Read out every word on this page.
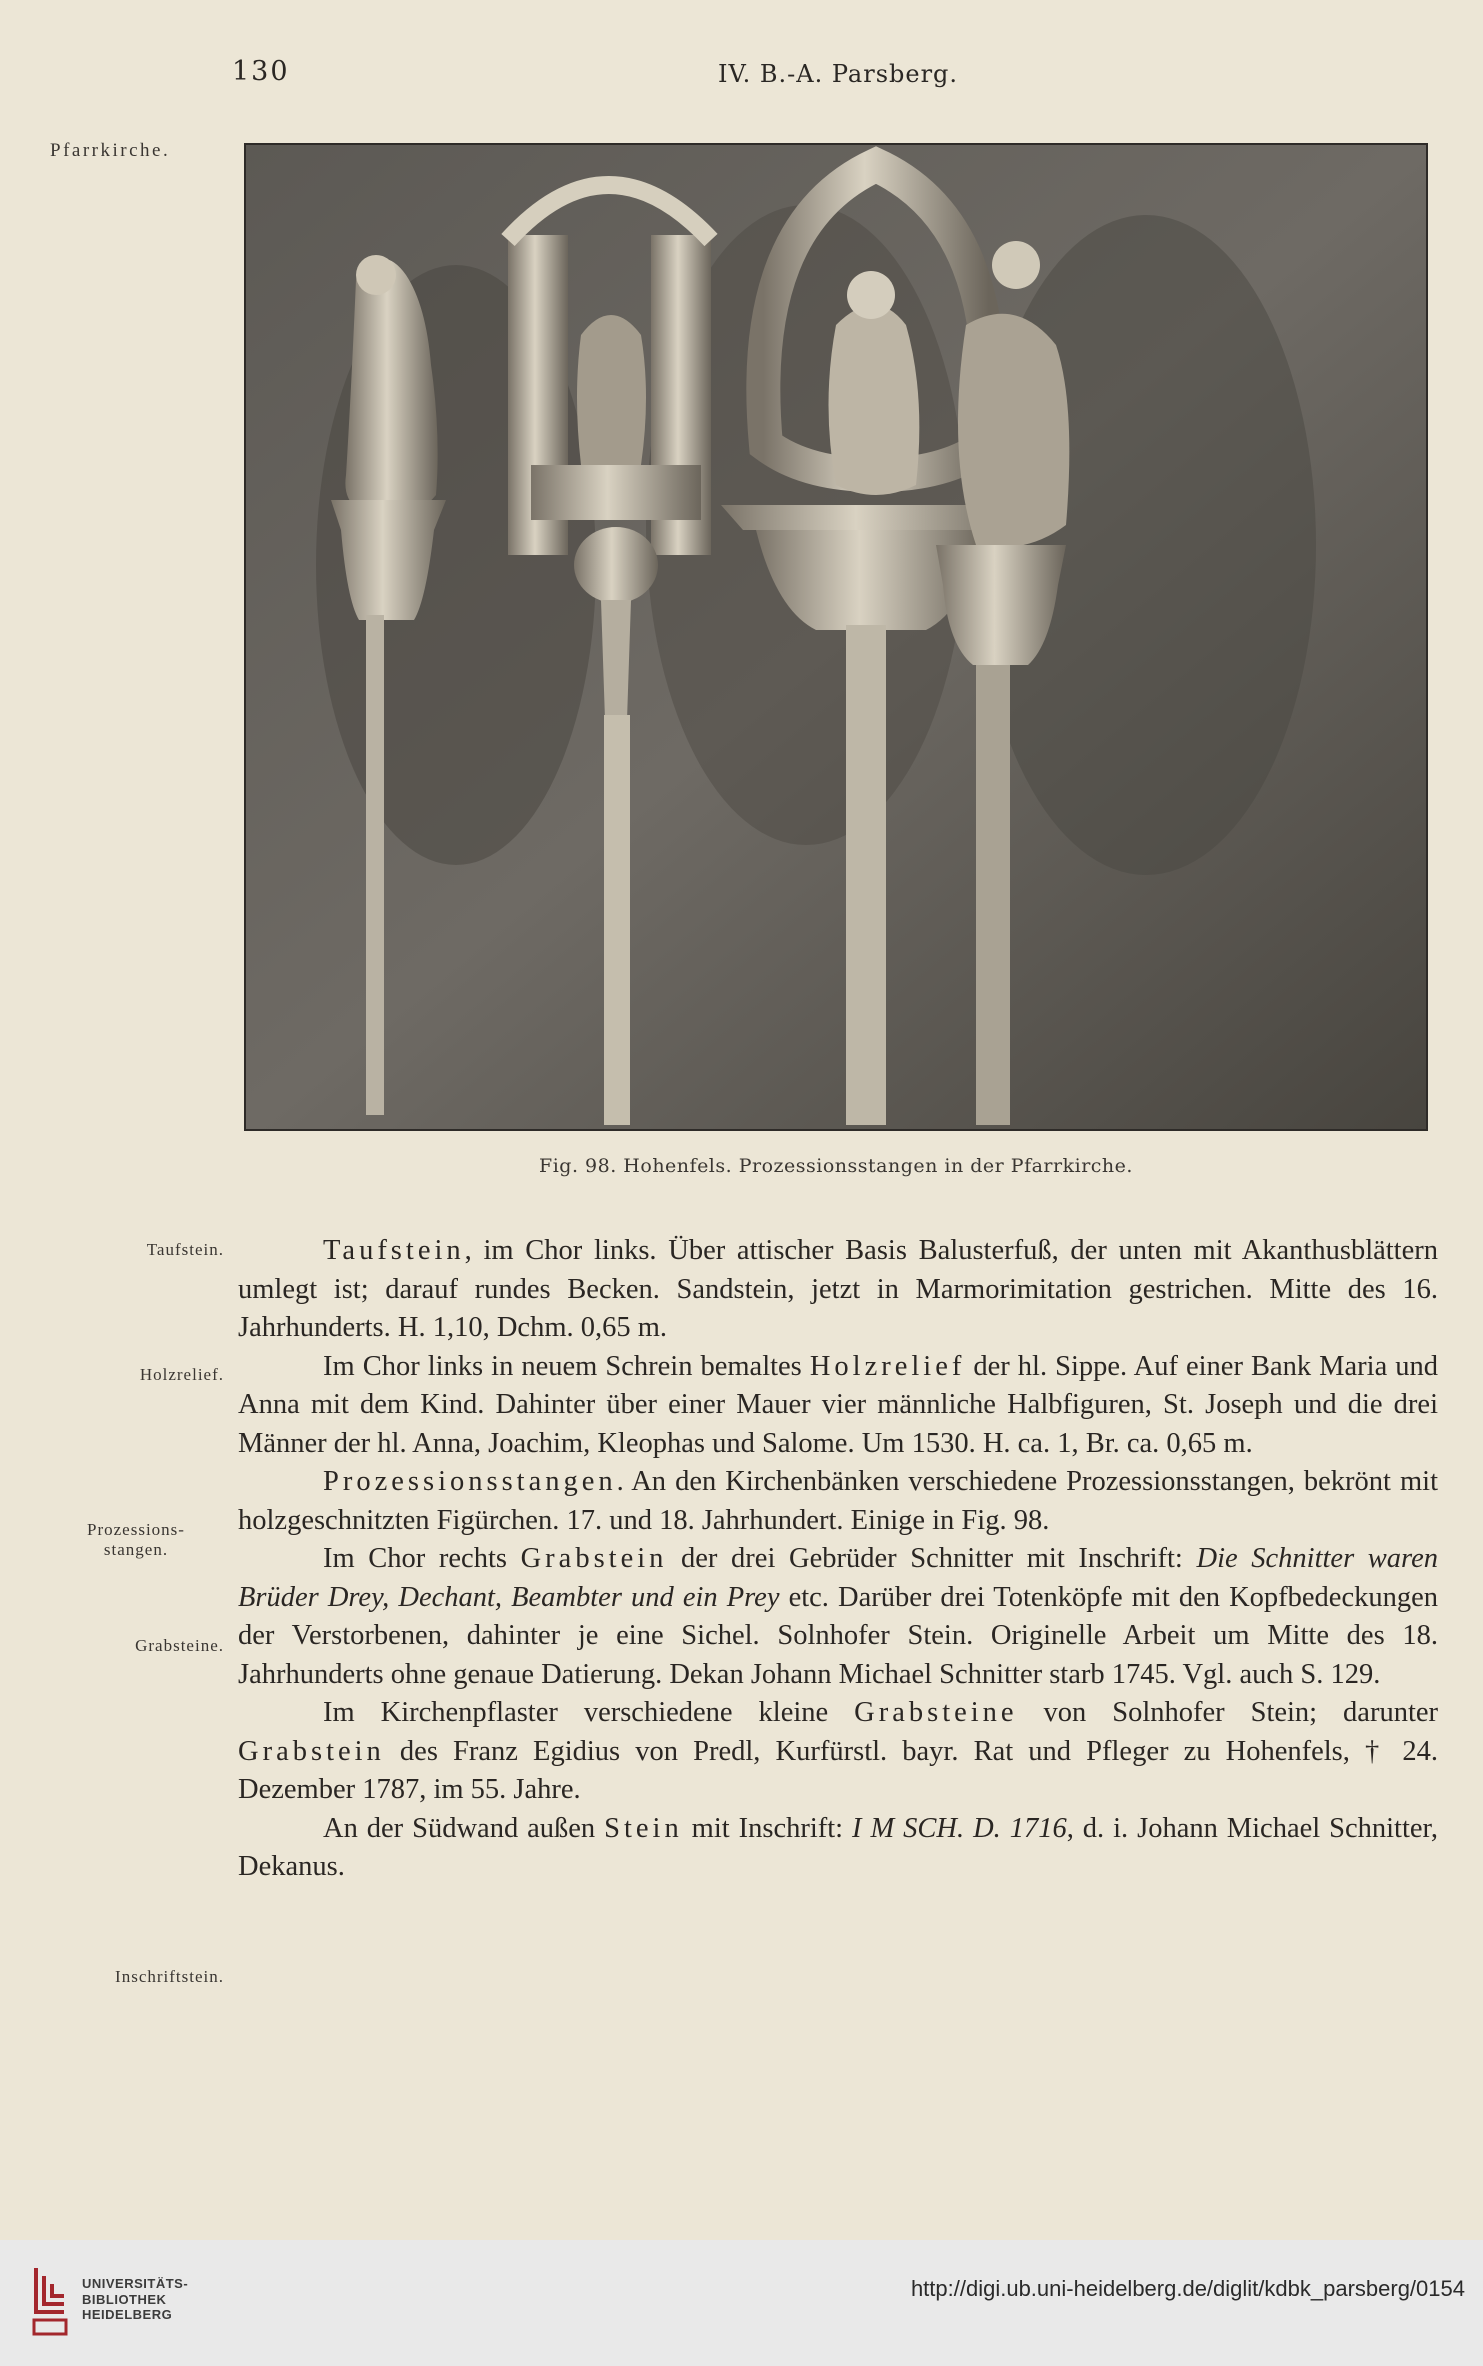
130	IV. B.-A. Parsberg.
Pfarrkirche.
Fig. 98. Hohenfels. Prozessionsstangen in der Pfarrkirche.
Taufstein.
Holzrelief.
Prozessions-
stangen.
Grabsteine.
Inschriftstein.

Taufstein, im Chor links. Über attischer Basis Balusterfuß, der unten mit Akanthusblättern umlegt ist; darauf rundes Becken. Sandstein, jetzt in Marmorimitation gestrichen. Mitte des 16. Jahrhunderts. H. 1,10, Dchm. 0,65 m.

Im Chor links in neuem Schrein bemaltes Holzrelief der hl. Sippe. Auf einer Bank Maria und Anna mit dem Kind. Dahinter über einer Mauer vier männliche Halbfiguren, St. Joseph und die drei Männer der hl. Anna, Joachim, Kleophas und Salome. Um 1530. H. ca. 1, Br. ca. 0,65 m.

Prozessionsstangen. An den Kirchenbänken verschiedene Prozessionsstangen, bekrönt mit holzgeschnitzten Figürchen. 17. und 18. Jahrhundert. Einige in Fig. 98.

Im Chor rechts Grabstein der drei Gebrüder Schnitter mit Inschrift: Die Schnitter waren Brüder Drey, Dechant, Beambter und ein Prey etc. Darüber drei Totenköpfe mit den Kopfbedeckungen der Verstorbenen, dahinter je eine Sichel. Solnhofer Stein. Originelle Arbeit um Mitte des 18. Jahrhunderts ohne genaue Datierung. Dekan Johann Michael Schnitter starb 1745. Vgl. auch S. 129.

Im Kirchenpflaster verschiedene kleine Grabsteine von Solnhofer Stein; darunter Grabstein des Franz Egidius von Predl, Kurfürstl. bayr. Rat und Pfleger zu Hohenfels, † 24. Dezember 1787, im 55. Jahre.

An der Südwand außen Stein mit Inschrift: I M SCH. D. 1716, d. i. Johann Michael Schnitter, Dekanus.

UNIVERSITÄTS-
BIBLIOTHEK
HEIDELBERG
http://digi.ub.uni-heidelberg.de/diglit/kdbk_parsberg/0154
